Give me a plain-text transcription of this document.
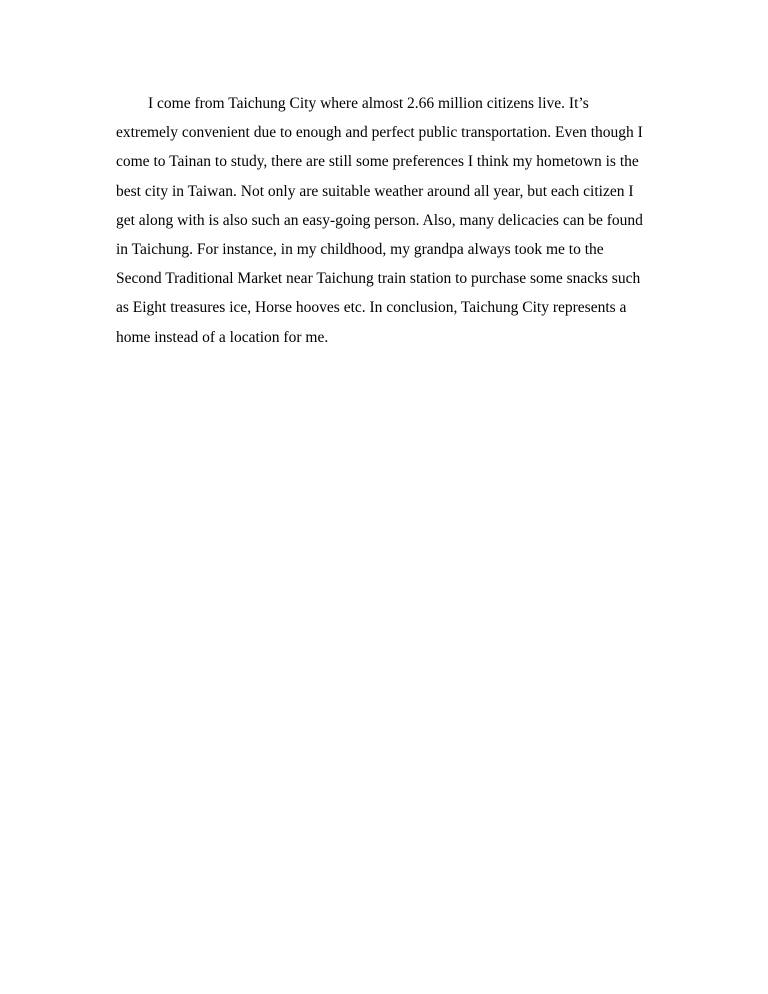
I come from Taichung City where almost 2.66 million citizens live. It’s
extremely convenient due to enough and perfect public transportation. Even though I
come to Tainan to study, there are still some preferences I think my hometown is the
best city in Taiwan. Not only are suitable weather around all year, but each citizen I
get along with is also such an easy-going person. Also, many delicacies can be found
in Taichung. For instance, in my childhood, my grandpa always took me to the
Second Traditional Market near Taichung train station to purchase some snacks such
as Eight treasures ice, Horse hooves etc. In conclusion, Taichung City represents a
home instead of a location for me.
